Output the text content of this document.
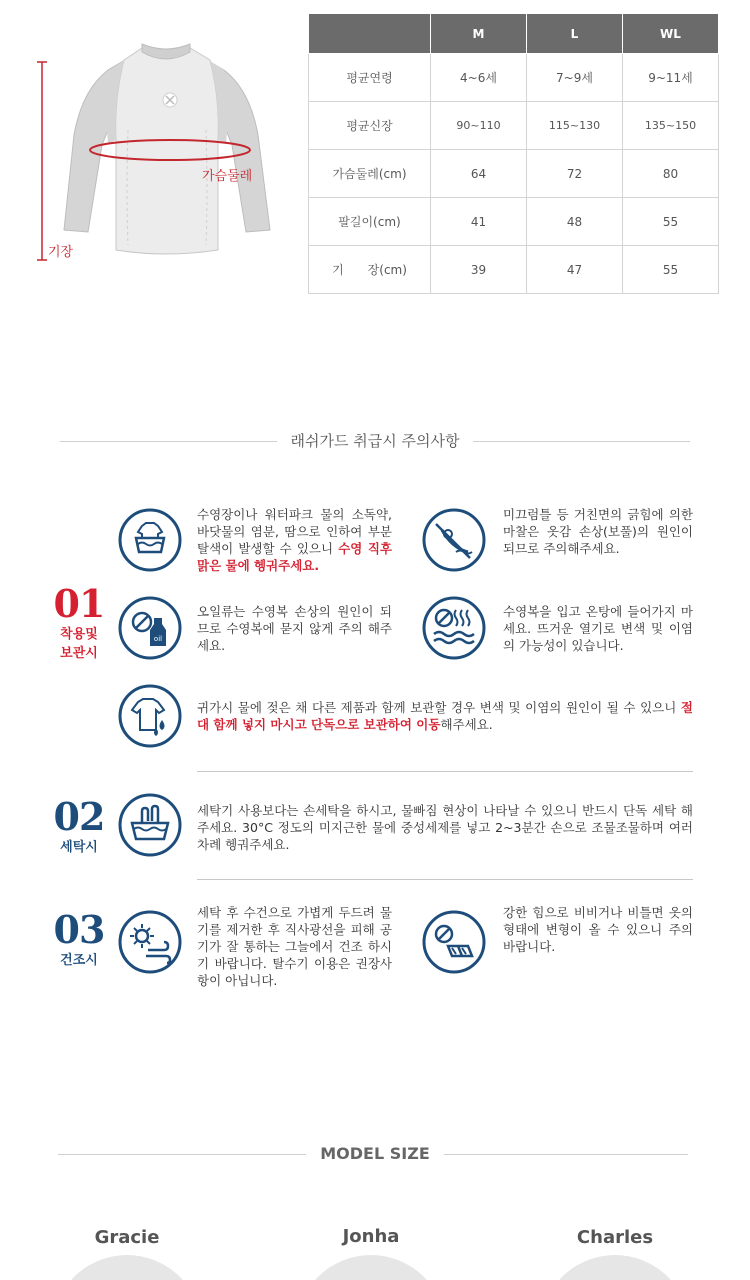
기장
가슴둘레
	M	L	WL
평균연령	4~6세	7~9세	9~11세
평균신장	90~110	115~130	135~150
가슴둘레(cm)	64	72	80
팔길이(cm)	41	48	55
기　　장(cm)	39	47	55
래쉬가드 취급시 주의사항
01
착용및
보관시
02
세탁시
03
건조시
수영장이나 워터파크 물의 소독약, 바닷물의 염분, 땀으로 인하여 부분 탈색이 발생할 수 있으니 수영 직후 맑은 물에 헹궈주세요.
미끄럼틀 등 거친면의 긁힘에 의한 마찰은 옷감 손상(보풀)의 원인이 되므로 주의해주세요.
oil
오일류는 수영복 손상의 원인이 되므로 수영복에 묻지 않게 주의 해주세요.
수영복을 입고 온탕에 들어가지 마세요. 뜨거운 열기로 변색 및 이염의 가능성이 있습니다.
귀가시 물에 젖은 채 다른 제품과 함께 보관할 경우 변색 및 이염의 원인이 될 수 있으니 절대 함께 넣지 마시고 단독으로 보관하여 이동해주세요.
세탁기 사용보다는 손세탁을 하시고, 물빠짐 현상이 나타날 수 있으니 반드시 단독 세탁 해주세요. 30°C 정도의 미지근한 물에 중성세제를 넣고 2~3분간 손으로 조물조물하며 여러차례 헹궈주세요.
세탁 후 수건으로 가볍게 두드려 물기를 제거한 후 직사광선을 피해 공기가 잘 통하는 그늘에서 건조 하시기 바랍니다. 탈수기 이용은 권장사항이 아닙니다.
강한 힘으로 비비거나 비틀면 옷의 형태에 변형이 올 수 있으니 주의 바랍니다.
MODEL SIZE
Gracie	Jonha	Charles
